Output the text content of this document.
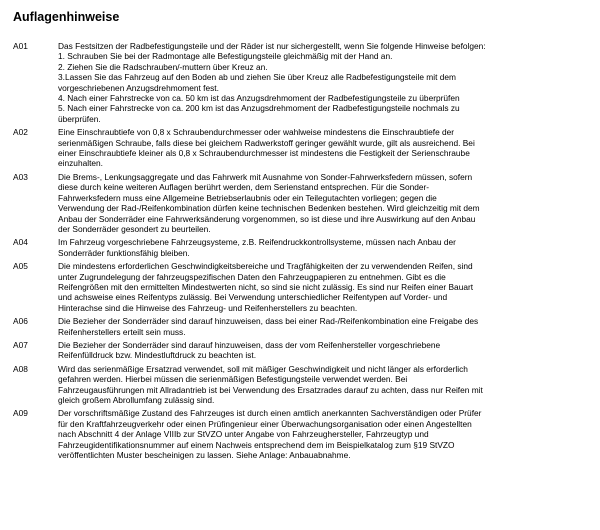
Auflagenhinweise
A01	Das Festsitzen der Radbefestigungsteile und der Räder ist nur sichergestellt, wenn Sie folgende Hinweise befolgen:
1. Schrauben Sie bei der Radmontage alle Befestigungsteile gleichmäßig mit der Hand an.
2. Ziehen Sie die Radschrauben/-muttern über Kreuz an.
3.Lassen Sie das Fahrzeug auf den Boden ab und ziehen Sie über Kreuz alle Radbefestigungsteile mit dem
vorgeschriebenen Anzugsdrehmoment fest.
4. Nach einer Fahrstrecke von ca. 50 km ist das Anzugsdrehmoment der Radbefestigungsteile zu überprüfen
5. Nach einer Fahrstrecke von ca. 200 km ist das Anzugsdrehmoment der Radbefestigungsteile nochmals zu
überprüfen.
A02	Eine Einschraubtiefe von 0,8 x Schraubendurchmesser oder wahlweise mindestens die Einschraubtiefe der
serienmäßigen Schraube, falls diese bei gleichem Radwerkstoff geringer gewählt wurde, gilt als ausreichend. Bei
einer Einschraubtiefe kleiner als 0,8 x Schraubendurchmesser ist mindestens die Festigkeit der Serienschraube
einzuhalten.
A03	Die Brems-, Lenkungsaggregate und das Fahrwerk mit Ausnahme von Sonder-Fahrwerksfedern müssen, sofern
diese durch keine weiteren Auflagen berührt werden, dem Serienstand entsprechen. Für die Sonder-
Fahrwerksfedern muss eine Allgemeine Betriebserlaubnis oder ein Teilegutachten vorliegen; gegen die
Verwendung der Rad-/Reifenkombination dürfen keine technischen Bedenken bestehen. Wird gleichzeitig mit dem
Anbau der Sonderräder eine Fahrwerksänderung vorgenommen, so ist diese und ihre Auswirkung auf den Anbau
der Sonderräder gesondert zu beurteilen.
A04	Im Fahrzeug vorgeschriebene Fahrzeugsysteme, z.B. Reifendruckkontrollsysteme, müssen nach Anbau der
Sonderräder funktionsfähig bleiben.
A05	Die mindestens erforderlichen Geschwindigkeitsbereiche und Tragfähigkeiten der zu verwendenden Reifen, sind
unter Zugrundelegung der fahrzeugspezifischen Daten den Fahrzeugpapieren zu entnehmen. Gibt es die
Reifengrößen mit den ermittelten Mindestwerten nicht, so sind sie nicht zulässig. Es sind nur Reifen einer Bauart
und achsweise eines Reifentyps zulässig. Bei Verwendung unterschiedlicher Reifentypen auf Vorder- und
Hinterachse sind die Hinweise des Fahrzeug- und Reifenherstellers zu beachten.
A06	Die Bezieher der Sonderräder sind darauf hinzuweisen, dass bei einer Rad-/Reifenkombination eine Freigabe des
Reifenherstellers erteilt sein muss.
A07	Die Bezieher der Sonderräder sind darauf hinzuweisen, dass der vom Reifenhersteller vorgeschriebene
Reifenfülldruck bzw. Mindestluftdruck zu beachten ist.
A08	Wird das serienmäßige Ersatzrad verwendet, soll mit mäßiger Geschwindigkeit und nicht länger als erforderlich
gefahren werden. Hierbei müssen die serienmäßigen Befestigungsteile verwendet werden. Bei
Fahrzeugausführungen mit Allradantrieb ist bei Verwendung des Ersatzrades darauf zu achten, dass nur Reifen mit
gleich großem Abrollumfang zulässig sind.
A09	Der vorschriftsmäßige Zustand des Fahrzeuges ist durch einen amtlich anerkannten Sachverständigen oder Prüfer
für den Kraftfahrzeugverkehr oder einen Prüfingenieur einer Überwachungsorganisation oder einen Angestellten
nach Abschnitt 4 der Anlage VIIIb zur StVZO unter Angabe von Fahrzeughersteller, Fahrzeugtyp und
Fahrzeugidentifikationsnummer auf einem Nachweis entsprechend dem im Beispielkatalog zum §19 StVZO
veröffentlichten Muster bescheinigen zu lassen. Siehe Anlage: Anbauabnahme.
